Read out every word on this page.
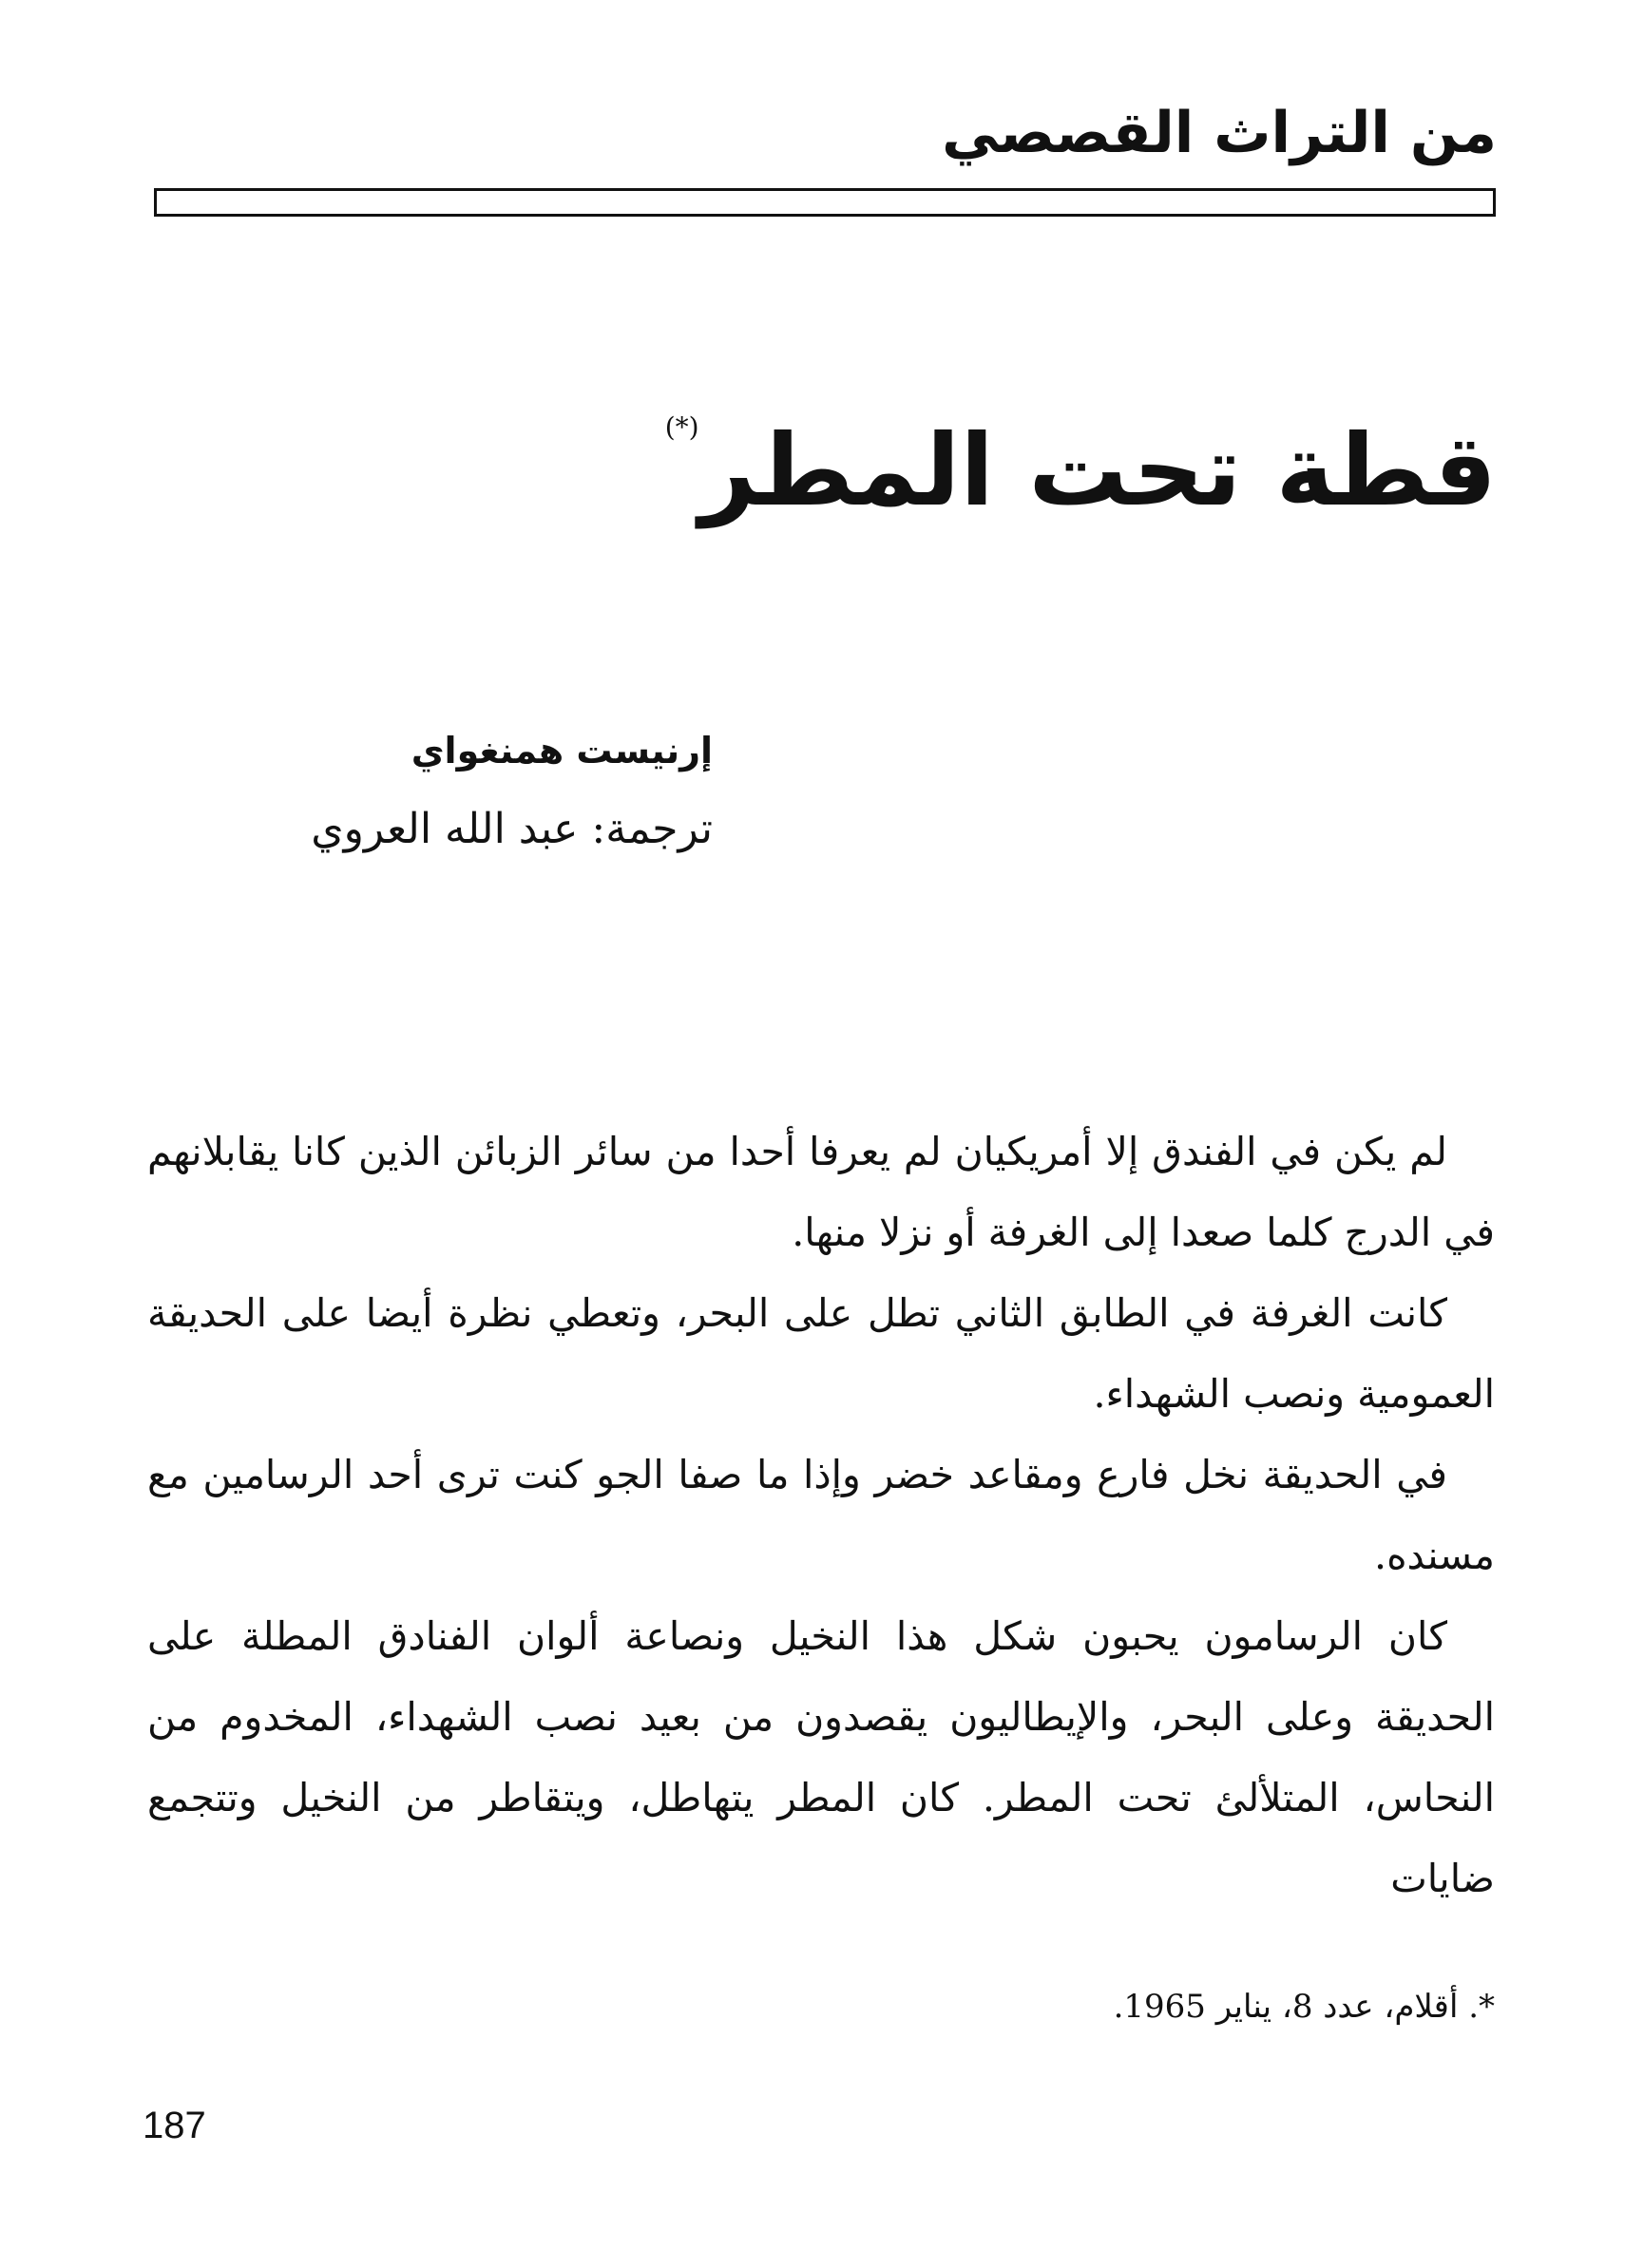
من التراث القصصي
قطة تحت المطر(*)
إرنيست همنغواي
ترجمة: عبد الله العروي

لم يكن في الفندق إلا أمريكيان لم يعرفا أحدا من سائر الزبائن الذين كانا يقابلانهم في الدرج كلما صعدا إلى الغرفة أو نزلا منها.

كانت الغرفة في الطابق الثاني تطل على البحر، وتعطي نظرة أيضا على الحديقة العمومية ونصب الشهداء.

في الحديقة نخل فارع ومقاعد خضر وإذا ما صفا الجو كنت ترى أحد الرسامين مع مسنده.

كان الرسامون يحبون شكل هذا النخيل ونصاعة ألوان الفنادق المطلة على الحديقة وعلى البحر، والإيطاليون يقصدون من بعيد نصب الشهداء، المخدوم من النحاس، المتلألئ تحت المطر. كان المطر يتهاطل، ويتقاطر من النخيل وتتجمع ضايات

*. أقلام، عدد 8، يناير 1965.
187
